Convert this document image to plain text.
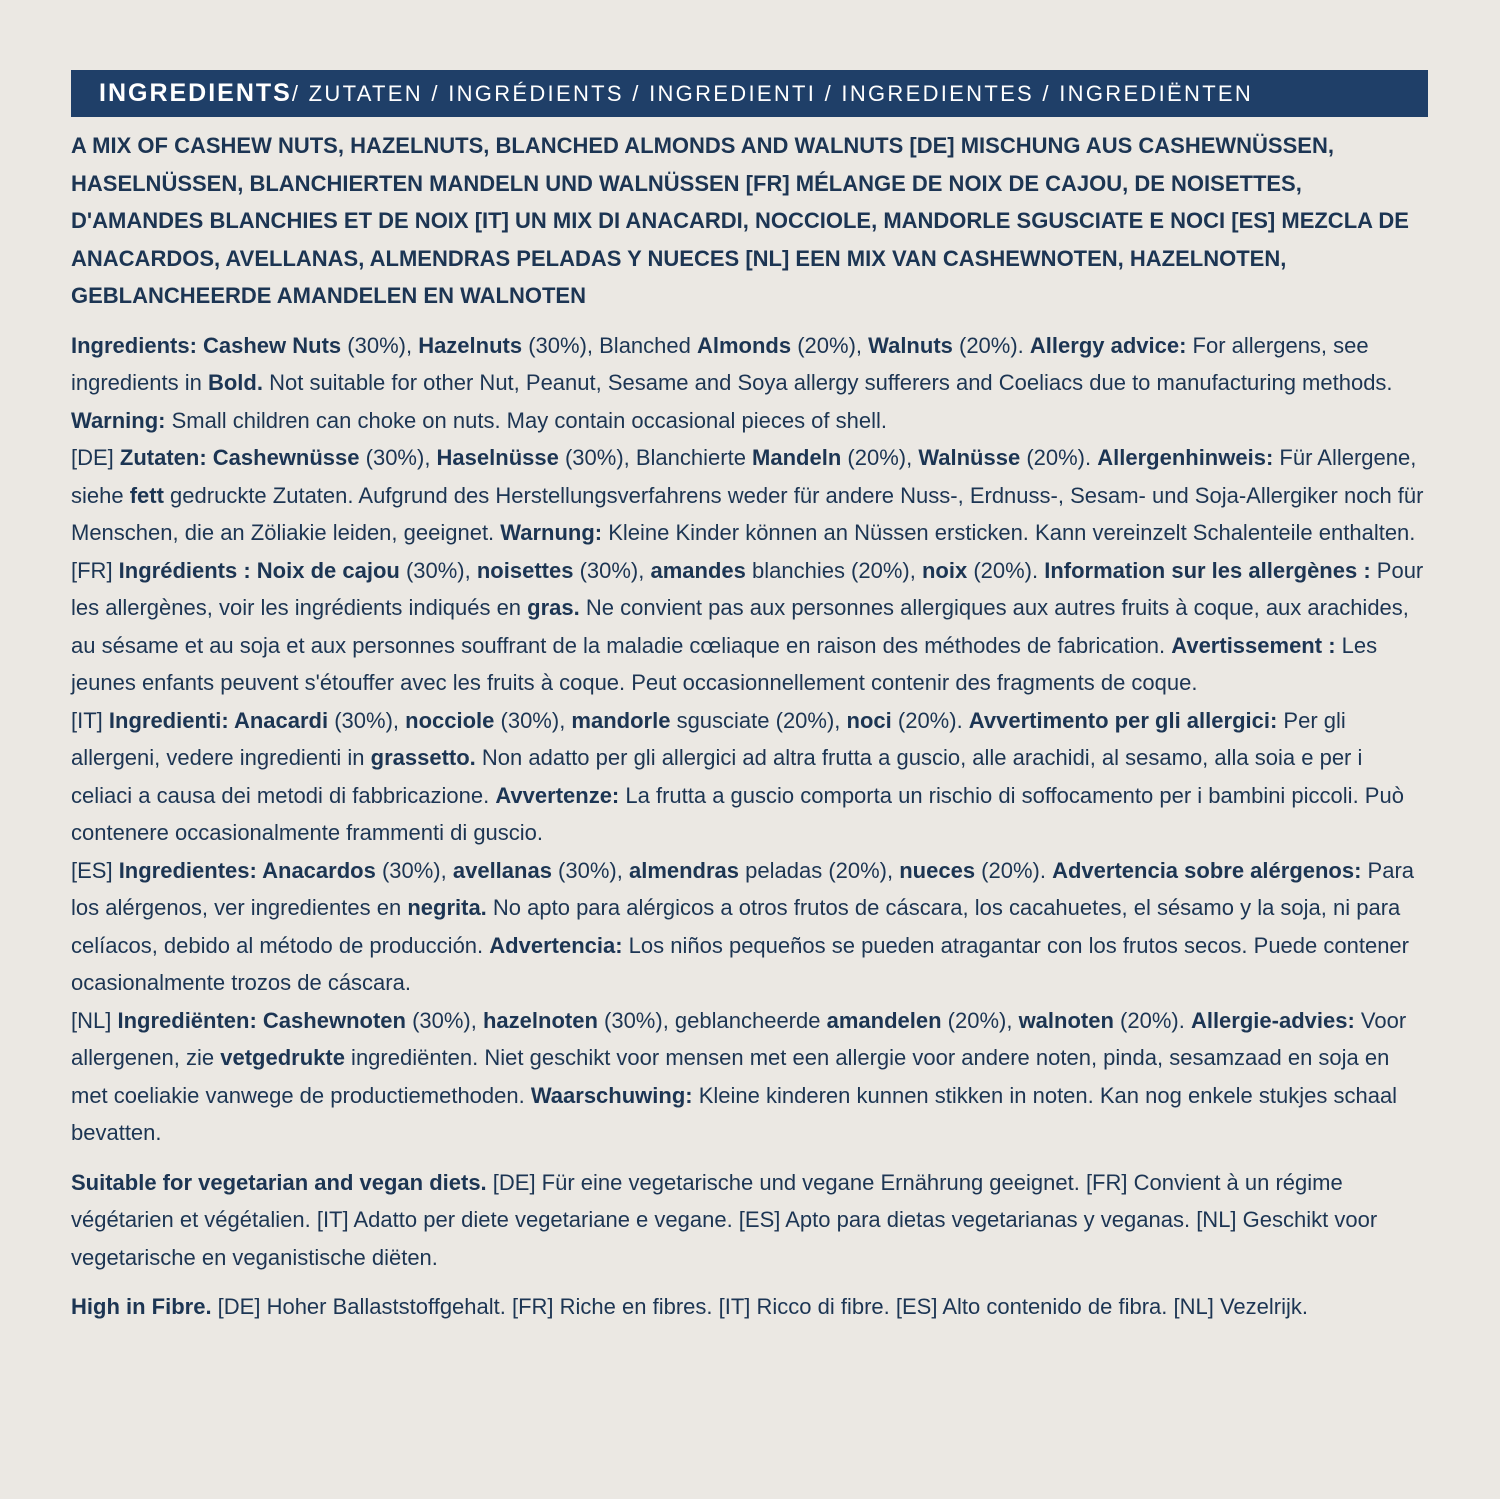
INGREDIENTS / ZUTATEN / INGRÉDIENTS / INGREDIENTI / INGREDIENTES / INGREDIËNTEN

A MIX OF CASHEW NUTS, HAZELNUTS, BLANCHED ALMONDS AND WALNUTS [DE] MISCHUNG AUS CASHEWNÜSSEN, HASELNÜSSEN, BLANCHIERTEN MANDELN UND WALNÜSSEN [FR] MÉLANGE DE NOIX DE CAJOU, DE NOISETTES, D'AMANDES BLANCHIES ET DE NOIX [IT] UN MIX DI ANACARDI, NOCCIOLE, MANDORLE SGUSCIATE E NOCI [ES] MEZCLA DE ANACARDOS, AVELLANAS, ALMENDRAS PELADAS Y NUECES [NL] EEN MIX VAN CASHEWNOTEN, HAZELNOTEN, GEBLANCHEERDE AMANDELEN EN WALNOTEN

Ingredients: Cashew Nuts (30%), Hazelnuts (30%), Blanched Almonds (20%), Walnuts (20%). Allergy advice: For allergens, see ingredients in Bold. Not suitable for other Nut, Peanut, Sesame and Soya allergy sufferers and Coeliacs due to manufacturing methods. Warning: Small children can choke on nuts. May contain occasional pieces of shell.

[DE] Zutaten: Cashewnüsse (30%), Haselnüsse (30%), Blanchierte Mandeln (20%), Walnüsse (20%). Allergenhinweis: Für Allergene, siehe fett gedruckte Zutaten. Aufgrund des Herstellungsverfahrens weder für andere Nuss-, Erdnuss-, Sesam- und Soja-Allergiker noch für Menschen, die an Zöliakie leiden, geeignet. Warnung: Kleine Kinder können an Nüssen ersticken. Kann vereinzelt Schalenteile enthalten.

[FR] Ingrédients : Noix de cajou (30%), noisettes (30%), amandes blanchies (20%), noix (20%). Information sur les allergènes : Pour les allergènes, voir les ingrédients indiqués en gras. Ne convient pas aux personnes allergiques aux autres fruits à coque, aux arachides, au sésame et au soja et aux personnes souffrant de la maladie cœliaque en raison des méthodes de fabrication. Avertissement : Les jeunes enfants peuvent s'étouffer avec les fruits à coque. Peut occasionnellement contenir des fragments de coque.

[IT] Ingredienti: Anacardi (30%), nocciole (30%), mandorle sgusciate (20%), noci (20%). Avvertimento per gli allergici: Per gli allergeni, vedere ingredienti in grassetto. Non adatto per gli allergici ad altra frutta a guscio, alle arachidi, al sesamo, alla soia e per i celiaci a causa dei metodi di fabbricazione. Avvertenze: La frutta a guscio comporta un rischio di soffocamento per i bambini piccoli. Può contenere occasionalmente frammenti di guscio.

[ES] Ingredientes: Anacardos (30%), avellanas (30%), almendras peladas (20%), nueces (20%). Advertencia sobre alérgenos: Para los alérgenos, ver ingredientes en negrita. No apto para alérgicos a otros frutos de cáscara, los cacahuetes, el sésamo y la soja, ni para celíacos, debido al método de producción. Advertencia: Los niños pequeños se pueden atragantar con los frutos secos. Puede contener ocasionalmente trozos de cáscara.

[NL] Ingrediënten: Cashewnoten (30%), hazelnoten (30%), geblancheerde amandelen (20%), walnoten (20%). Allergie-advies: Voor allergenen, zie vetgedrukte ingrediënten. Niet geschikt voor mensen met een allergie voor andere noten, pinda, sesamzaad en soja en met coeliakie vanwege de productiemethoden. Waarschuwing: Kleine kinderen kunnen stikken in noten. Kan nog enkele stukjes schaal bevatten.

Suitable for vegetarian and vegan diets. [DE] Für eine vegetarische und vegane Ernährung geeignet. [FR] Convient à un régime végétarien et végétalien. [IT] Adatto per diete vegetariane e vegane. [ES] Apto para dietas vegetarianas y veganas. [NL] Geschikt voor vegetarische en veganistische diëten.

High in Fibre. [DE] Hoher Ballaststoffgehalt. [FR] Riche en fibres. [IT] Ricco di fibre. [ES] Alto contenido de fibra. [NL] Vezelrijk.
